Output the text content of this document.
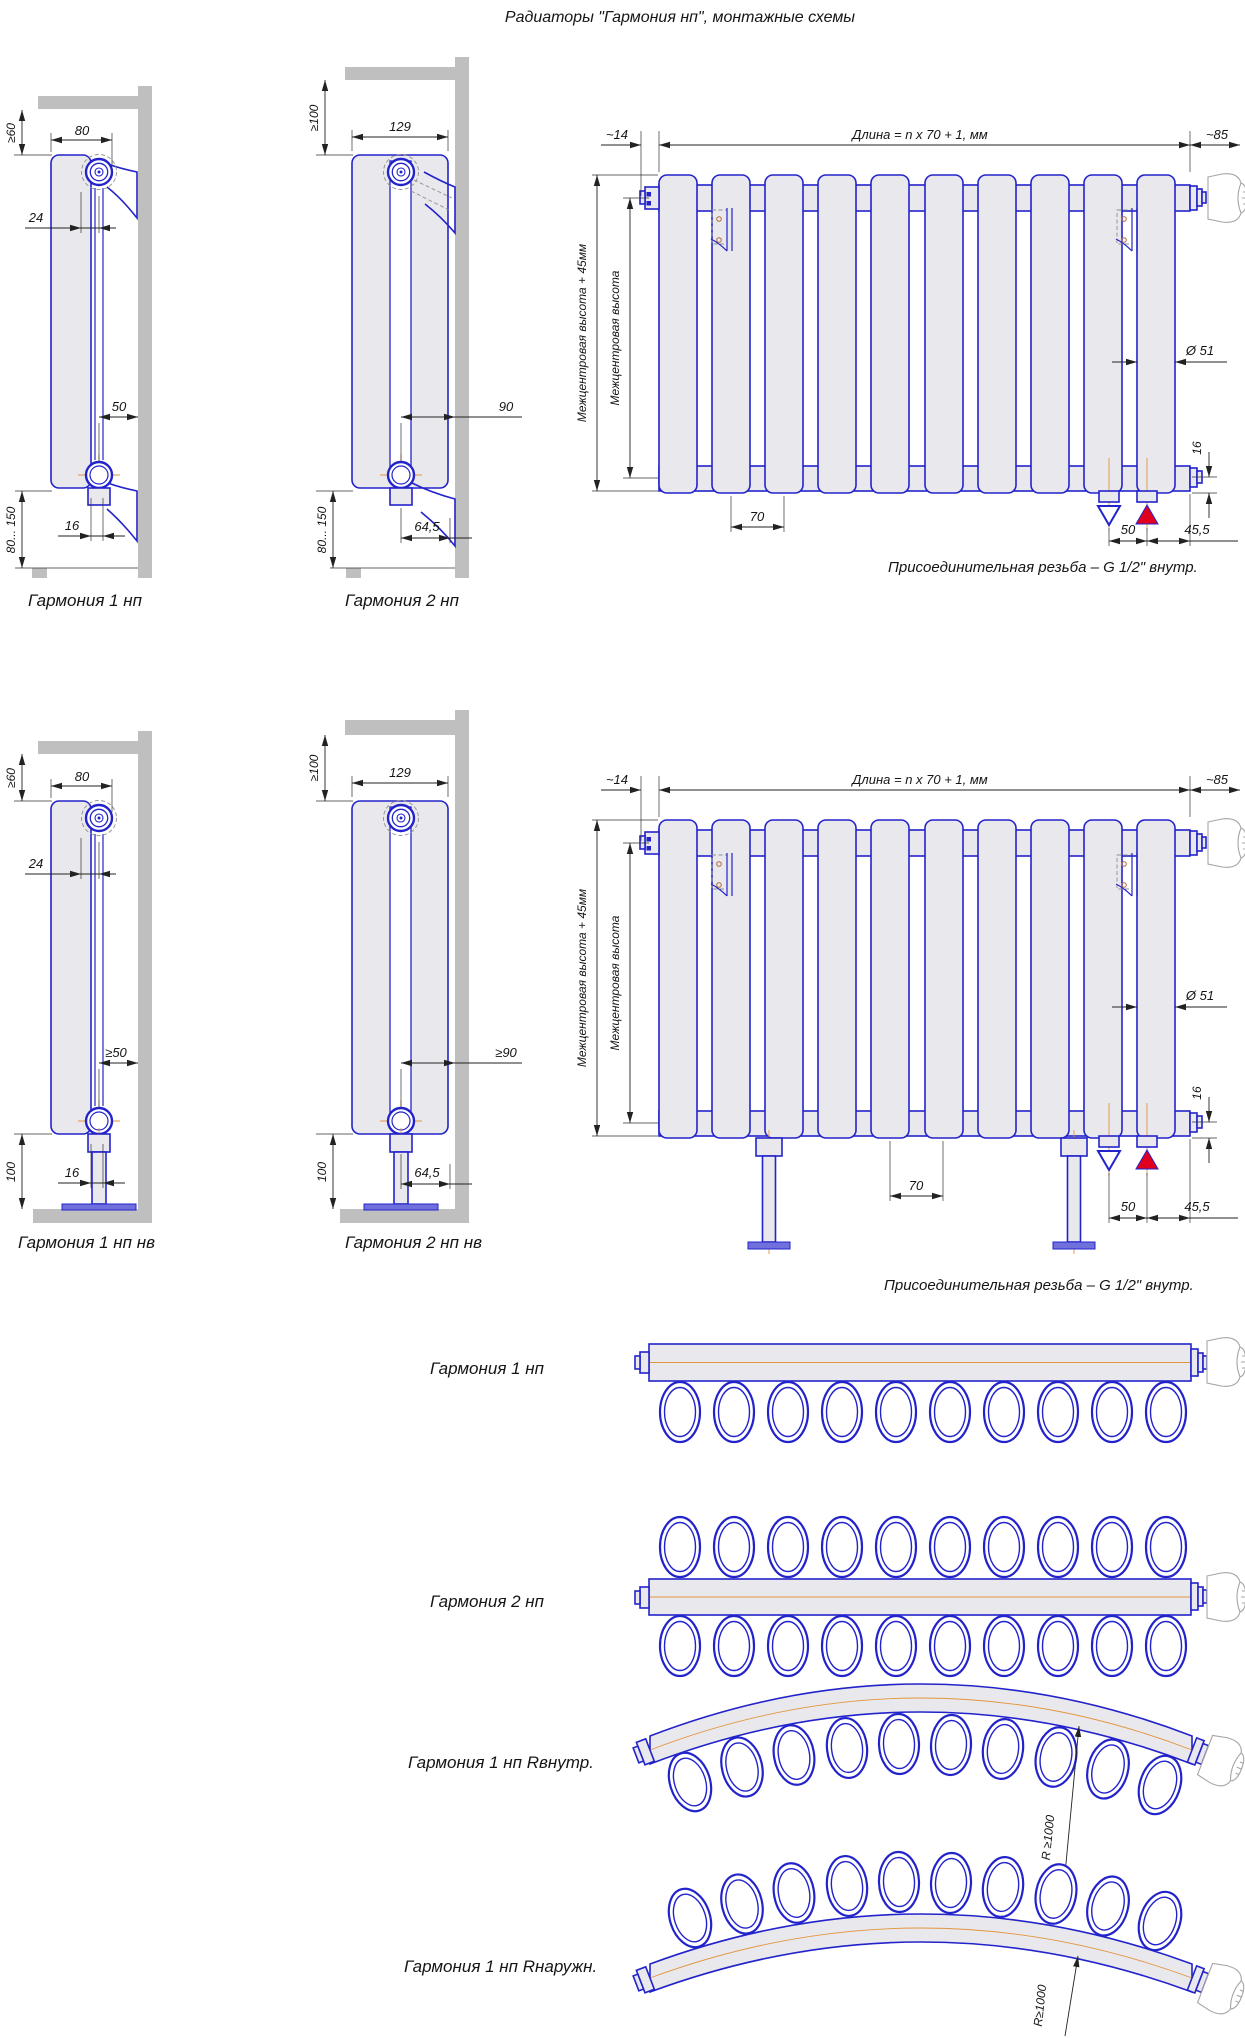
Радиаторы "Гармония нп", монтажные схемы
≥60	80
24
50
16
80... 150
Гармония 1 нп
≥100	129
90
64,5
80... 150
Гармония 2 нп
~14	Длина = n x 70 + 1, мм	~85
Межцентровая высота + 45мм Межцентровая высота	Ø 51
16
70
50	45,5
Присоединительная резьба – G 1/2" внутр.
≥60	80
24
≥50
16
100
Гармония 1 нп нв
≥100	129
≥90
64,5
100
Гармония 2 нп нв
~14	Длина = n x 70 + 1, мм	~85
Межцентровая высота + 45мм Межцентровая высота	Ø 51
16
70
50	45,5
Присоединительная резьба – G 1/2" внутр.
Гармония 1 нп
Гармония 2 нп
R ≥1000
Гармония 1 нп Rвнутр.
R≥1000
Гармония 1 нп Rнаружн.
